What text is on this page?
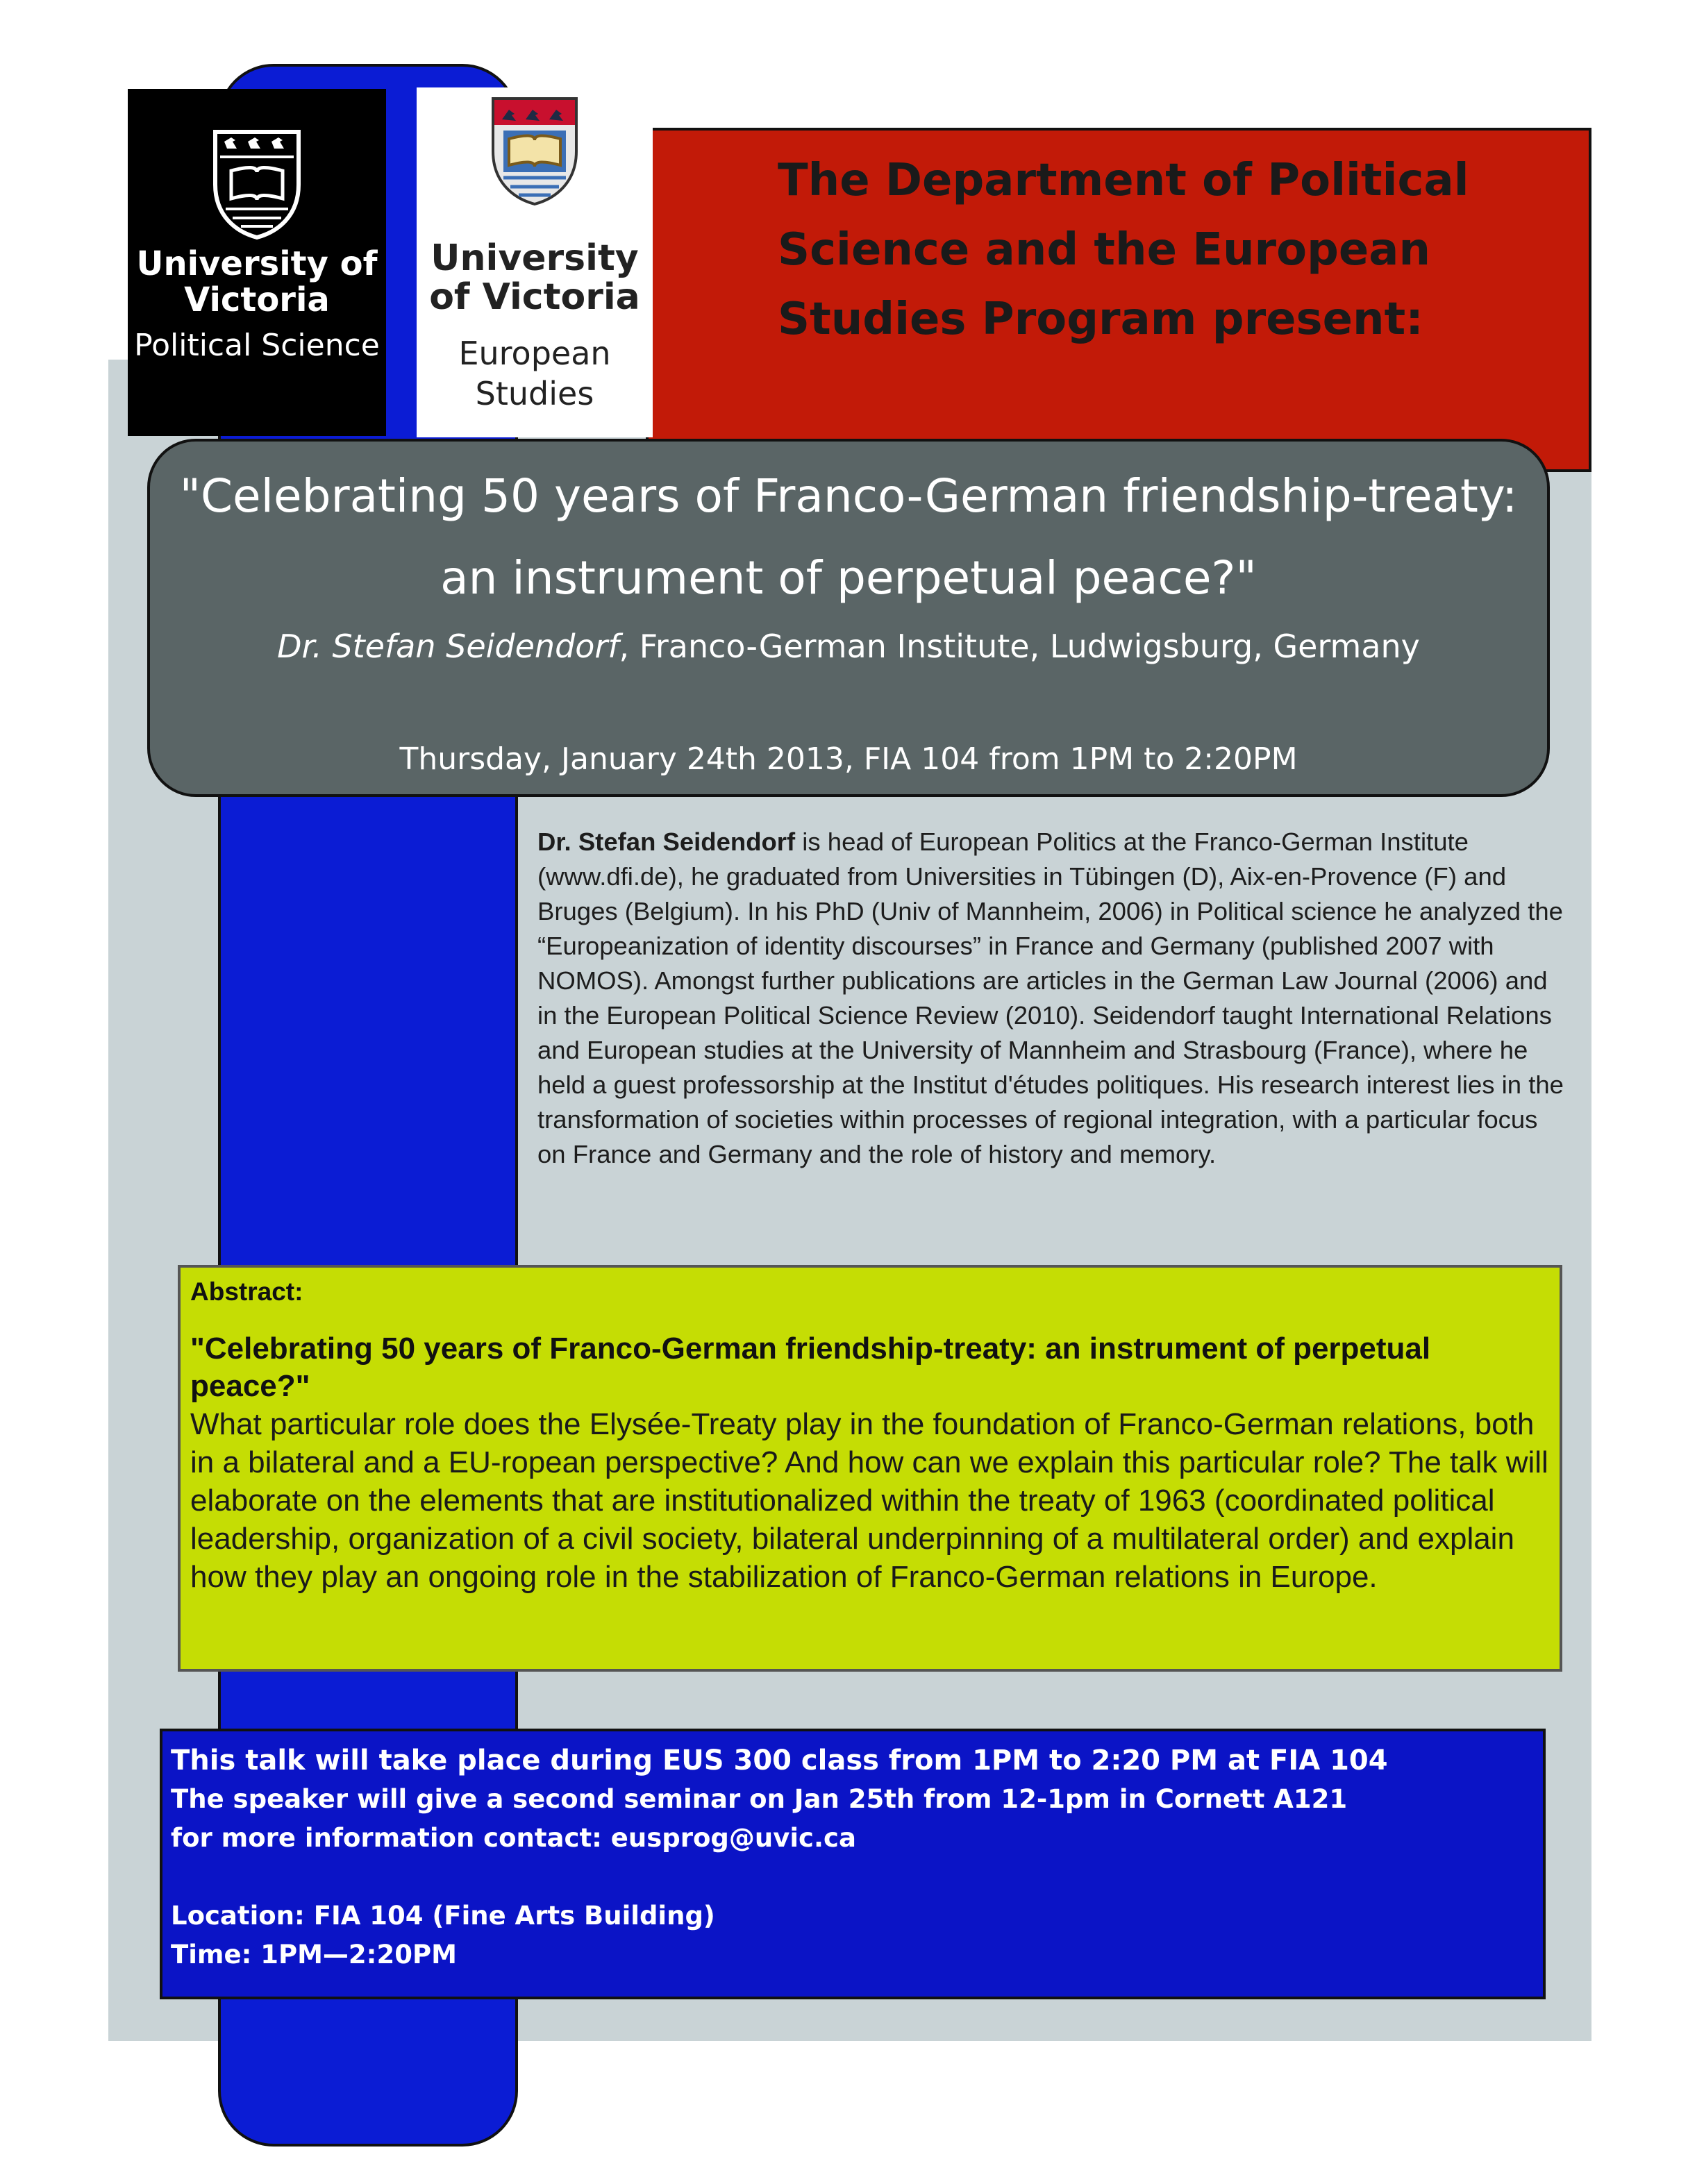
University of Victoria
Political Science
University of Victoria
European Studies

The Department of Political Science and the European Studies Program present:

"Celebrating 50 years of Franco-German friendship-treaty:
an instrument of perpetual peace?"
Dr. Stefan Seidendorf, Franco-German Institute, Ludwigsburg, Germany
Thursday, January 24th 2013, FIA 104 from 1PM to 2:20PM

Dr. Stefan Seidendorf is head of European Politics at the Franco-German Institute (www.dfi.de), he graduated from Universities in Tübingen (D), Aix-en-Provence (F) and Bruges (Belgium). In his PhD (Univ of Mannheim, 2006) in Political science he analyzed the “Europeanization of identity discourses” in France and Germany (published 2007 with NOMOS). Amongst further publications are articles in the German Law Journal (2006) and in the European Political Science Review (2010). Seidendorf taught International Relations and European studies at the University of Mannheim and Strasbourg (France), where he held a guest professorship at the Institut d'études politiques. His research interest lies in the transformation of societies within processes of regional integration, with a particular focus on France and Germany and the role of history and memory.

Abstract:

"Celebrating 50 years of Franco-German friendship-treaty: an instrument of perpetual peace?"

What particular role does the Elysée-Treaty play in the foundation of Franco-German relations, both in a bilateral and a EU-ropean perspective? And how can we explain this particular role? The talk will elaborate on the elements that are institutionalized within the treaty of 1963 (coordinated political leadership, organization of a civil society, bilateral underpinning of a multilateral order) and explain how they play an ongoing role in the stabilization of Franco-German relations in Europe.

This talk will take place during EUS 300 class from 1PM to 2:20 PM at FIA 104

The speaker will give a second seminar on Jan 25th from 12-1pm in Cornett A121

for more information contact: eusprog@uvic.ca

Location: FIA 104 (Fine Arts Building)

Time: 1PM—2:20PM
